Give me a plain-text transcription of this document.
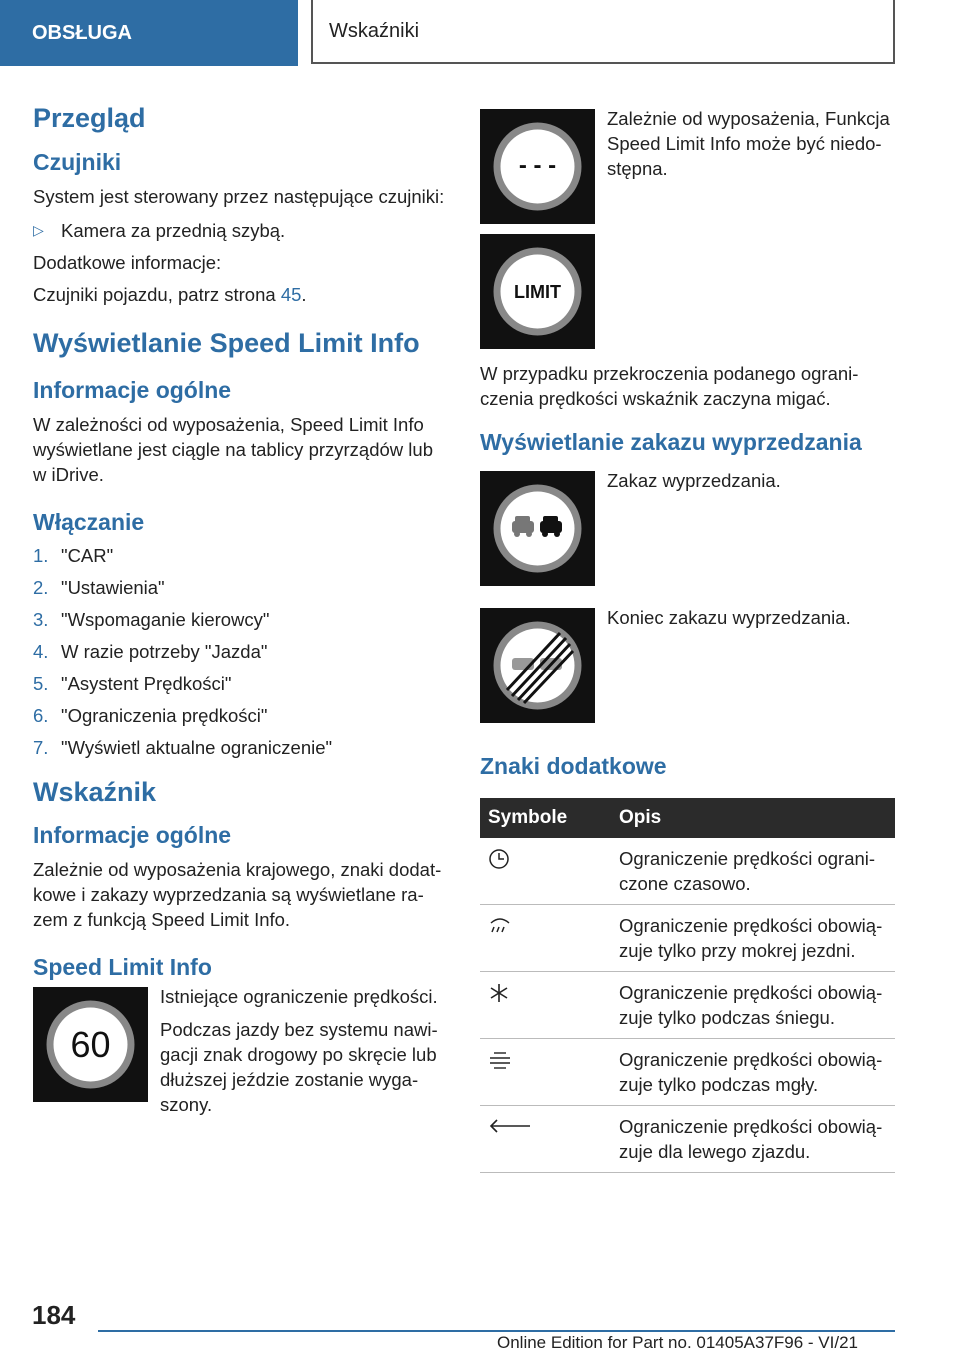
OBSŁUGA	Wskaźniki
Przegląd
Czujniki

System jest sterowany przez następujące czujniki:

▷ Kamera za przednią szybą.

Dodatkowe informacje:

Czujniki pojazdu, patrz strona 45.

Wyświetlanie Speed Limit Info
Informacje ogólne

W zależności od wyposażenia, Speed Limit Info wyświetlane jest ciągle na tablicy przyrządów lub w iDrive.

Włączanie
1. "CAR"
2. "Ustawienia"
3. "Wspomaganie kierowcy"
4. W razie potrzeby "Jazda"
5. "Asystent Prędkości"
6. "Ograniczenia prędkości"
7. "Wyświetl aktualne ograniczenie"
Wskaźnik
Informacje ogólne

Zależnie od wyposażenia krajowego, znaki dodatkowe i zakazy wyprzedzania są wyświetlane razem z funkcją Speed Limit Info.

Speed Limit Info
60

Istniejące ograniczenie prędkości.

Podczas jazdy bez systemu nawigacji znak drogowy po skręcie lub dłuższej jeździe zostanie wygaszony.

- - -

Zależnie od wyposażenia, Funkcja Speed Limit Info może być niedostępna.

LIMIT

W przypadku przekroczenia podanego ograniczenia prędkości wskaźnik zaczyna migać.

Wyświetlanie zakazu wyprzedzania

Zakaz wyprzedzania.

Koniec zakazu wyprzedzania.

Znaki dodatkowe
Symbole	Opis
	Ograniczenie prędkości ograniczone czasowo.
	Ograniczenie prędkości obowiązuje tylko przy mokrej jezdni.
	Ograniczenie prędkości obowiązuje tylko podczas śniegu.
	Ograniczenie prędkości obowiązuje tylko podczas mgły.
	Ograniczenie prędkości obowiązuje dla lewego zjazdu.
184
Online Edition for Part no. 01405A37F96 - VI/21
